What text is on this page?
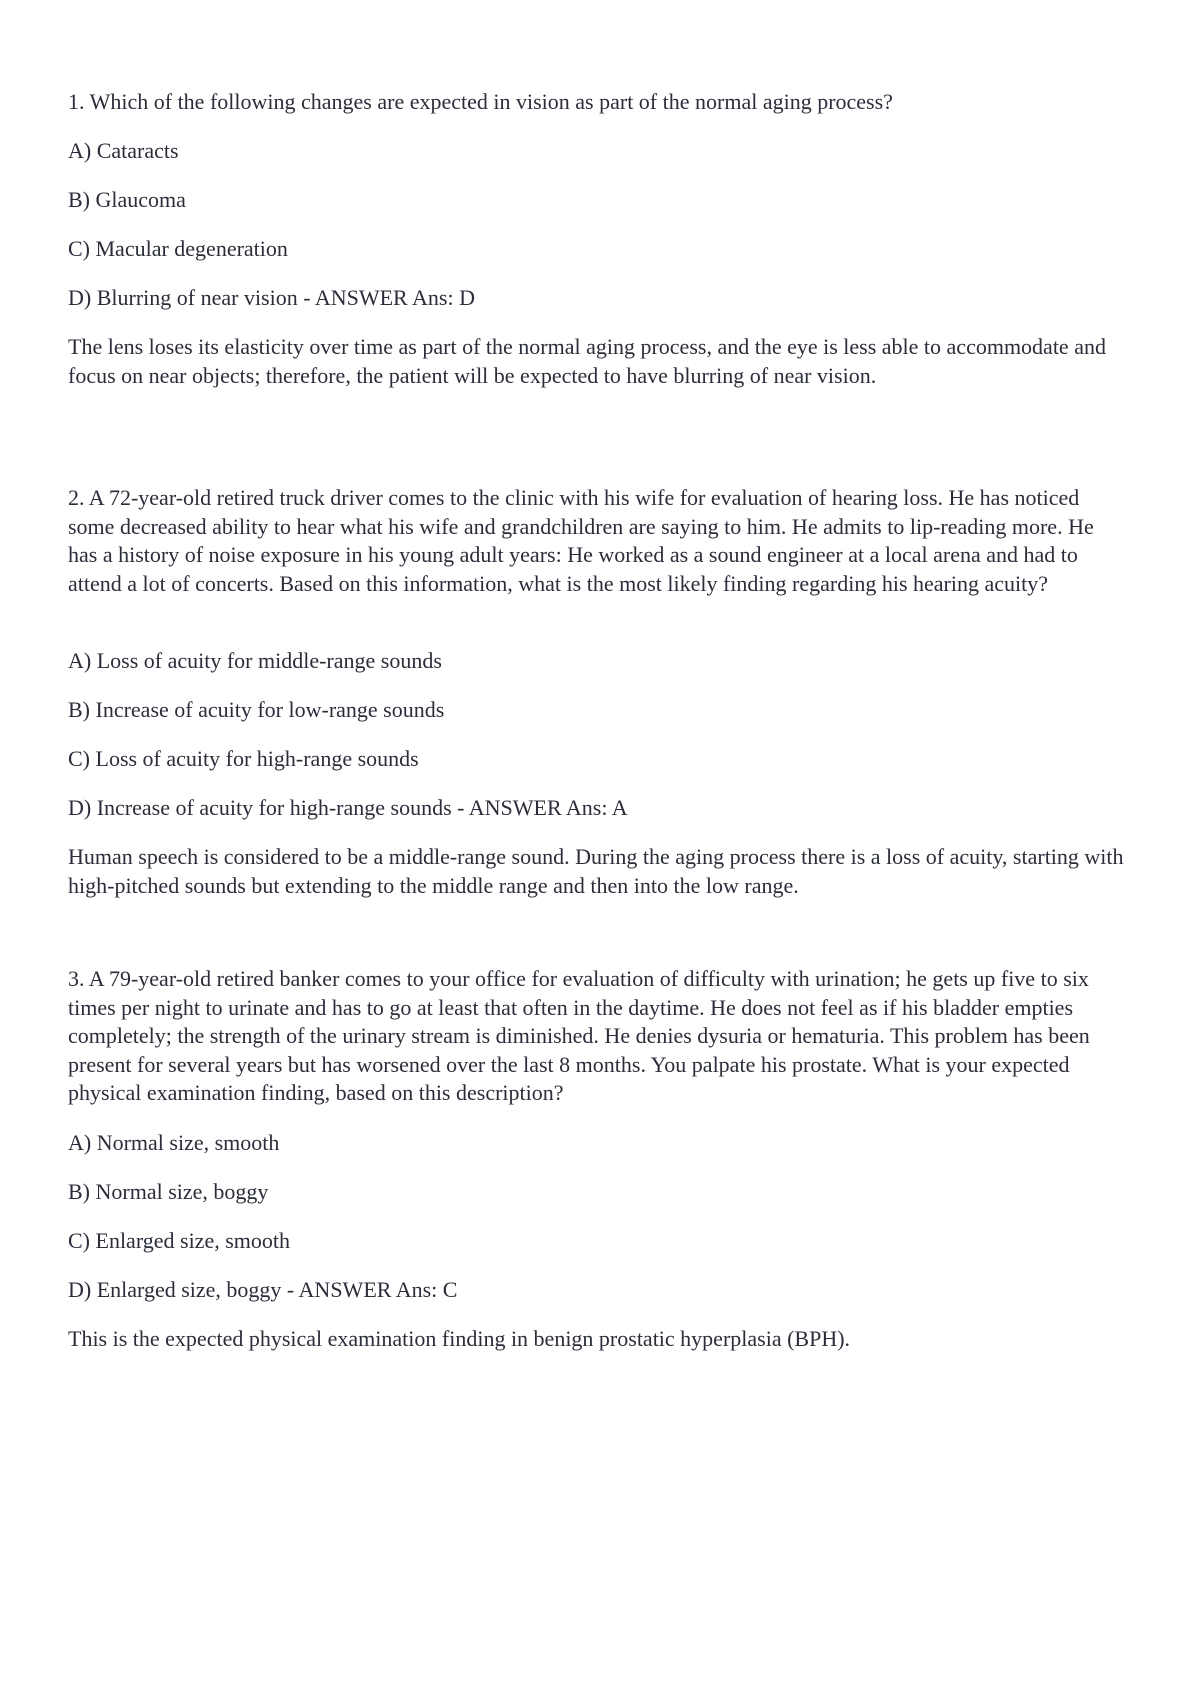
1. Which of the following changes are expected in vision as part of the normal aging process?
A) Cataracts
B) Glaucoma
C) Macular degeneration
D) Blurring of near vision - ANSWER Ans: D
The lens loses its elasticity over time as part of the normal aging process, and the eye is less able to accommodate and focus on near objects; therefore, the patient will be expected to have blurring of near vision.
2. A 72-year-old retired truck driver comes to the clinic with his wife for evaluation of hearing loss. He has noticed some decreased ability to hear what his wife and grandchildren are saying to him. He admits to lip-reading more. He has a history of noise exposure in his young adult years: He worked as a sound engineer at a local arena and had to attend a lot of concerts. Based on this information, what is the most likely finding regarding his hearing acuity?
A) Loss of acuity for middle-range sounds
B) Increase of acuity for low-range sounds
C) Loss of acuity for high-range sounds
D) Increase of acuity for high-range sounds - ANSWER Ans: A
Human speech is considered to be a middle-range sound. During the aging process there is a loss of acuity, starting with high-pitched sounds but extending to the middle range and then into the low range.
3. A 79-year-old retired banker comes to your office for evaluation of difficulty with urination; he gets up five to six times per night to urinate and has to go at least that often in the daytime. He does not feel as if his bladder empties completely; the strength of the urinary stream is diminished. He denies dysuria or hematuria. This problem has been present for several years but has worsened over the last 8 months. You palpate his prostate. What is your expected physical examination finding, based on this description?
A) Normal size, smooth
B) Normal size, boggy
C) Enlarged size, smooth
D) Enlarged size, boggy - ANSWER Ans: C
This is the expected physical examination finding in benign prostatic hyperplasia (BPH).
